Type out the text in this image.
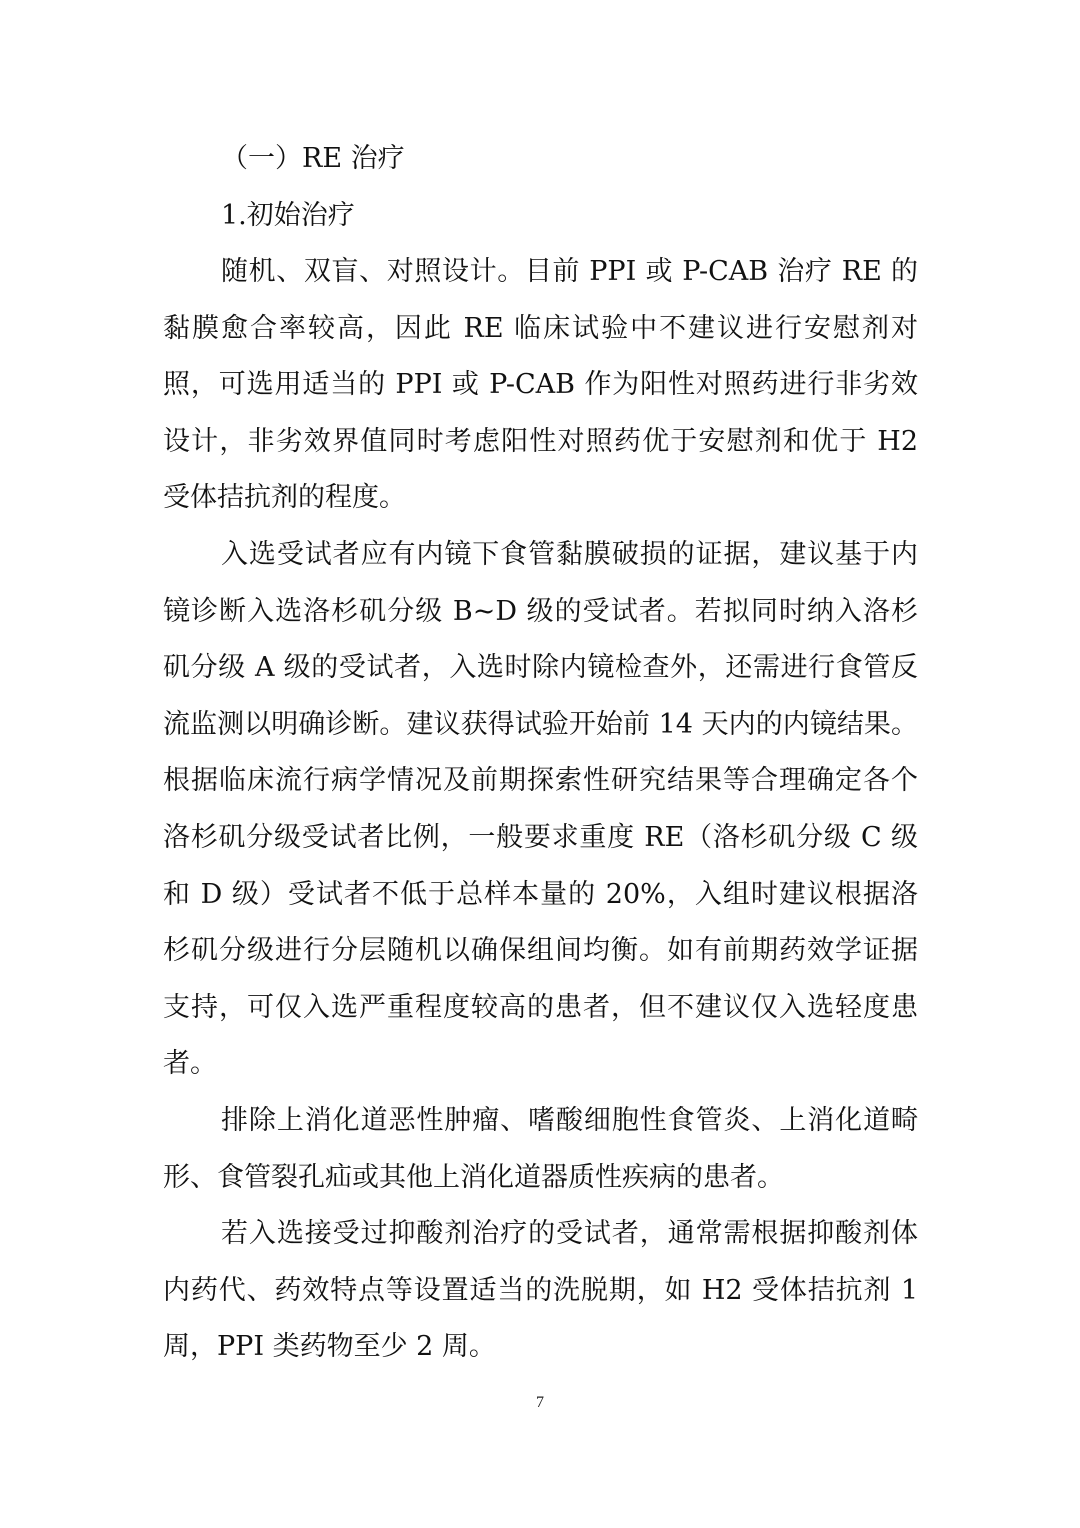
（一）RE 治疗
1.初始治疗

随机、双盲、对照设计。目前 PPI 或 P-CAB 治疗 RE 的黏膜愈合率较高，因此 RE 临床试验中不建议进行安慰剂对照，可选用适当的 PPI 或 P-CAB 作为阳性对照药进行非劣效设计，非劣效界值同时考虑阳性对照药优于安慰剂和优于 H2 受体拮抗剂的程度。

入选受试者应有内镜下食管黏膜破损的证据，建议基于内镜诊断入选洛杉矶分级 B~D 级的受试者。若拟同时纳入洛杉矶分级 A 级的受试者，入选时除内镜检查外，还需进行食管反流监测以明确诊断。建议获得试验开始前 14 天内的内镜结果。根据临床流行病学情况及前期探索性研究结果等合理确定各个洛杉矶分级受试者比例，一般要求重度 RE（洛杉矶分级 C 级和 D 级）受试者不低于总样本量的 20%，入组时建议根据洛杉矶分级进行分层随机以确保组间均衡。如有前期药效学证据支持，可仅入选严重程度较高的患者，但不建议仅入选轻度患者。

排除上消化道恶性肿瘤、嗜酸细胞性食管炎、上消化道畸形、食管裂孔疝或其他上消化道器质性疾病的患者。

若入选接受过抑酸剂治疗的受试者，通常需根据抑酸剂体内药代、药效特点等设置适当的洗脱期，如 H2 受体拮抗剂 1 周，PPI 类药物至少 2 周。

7
